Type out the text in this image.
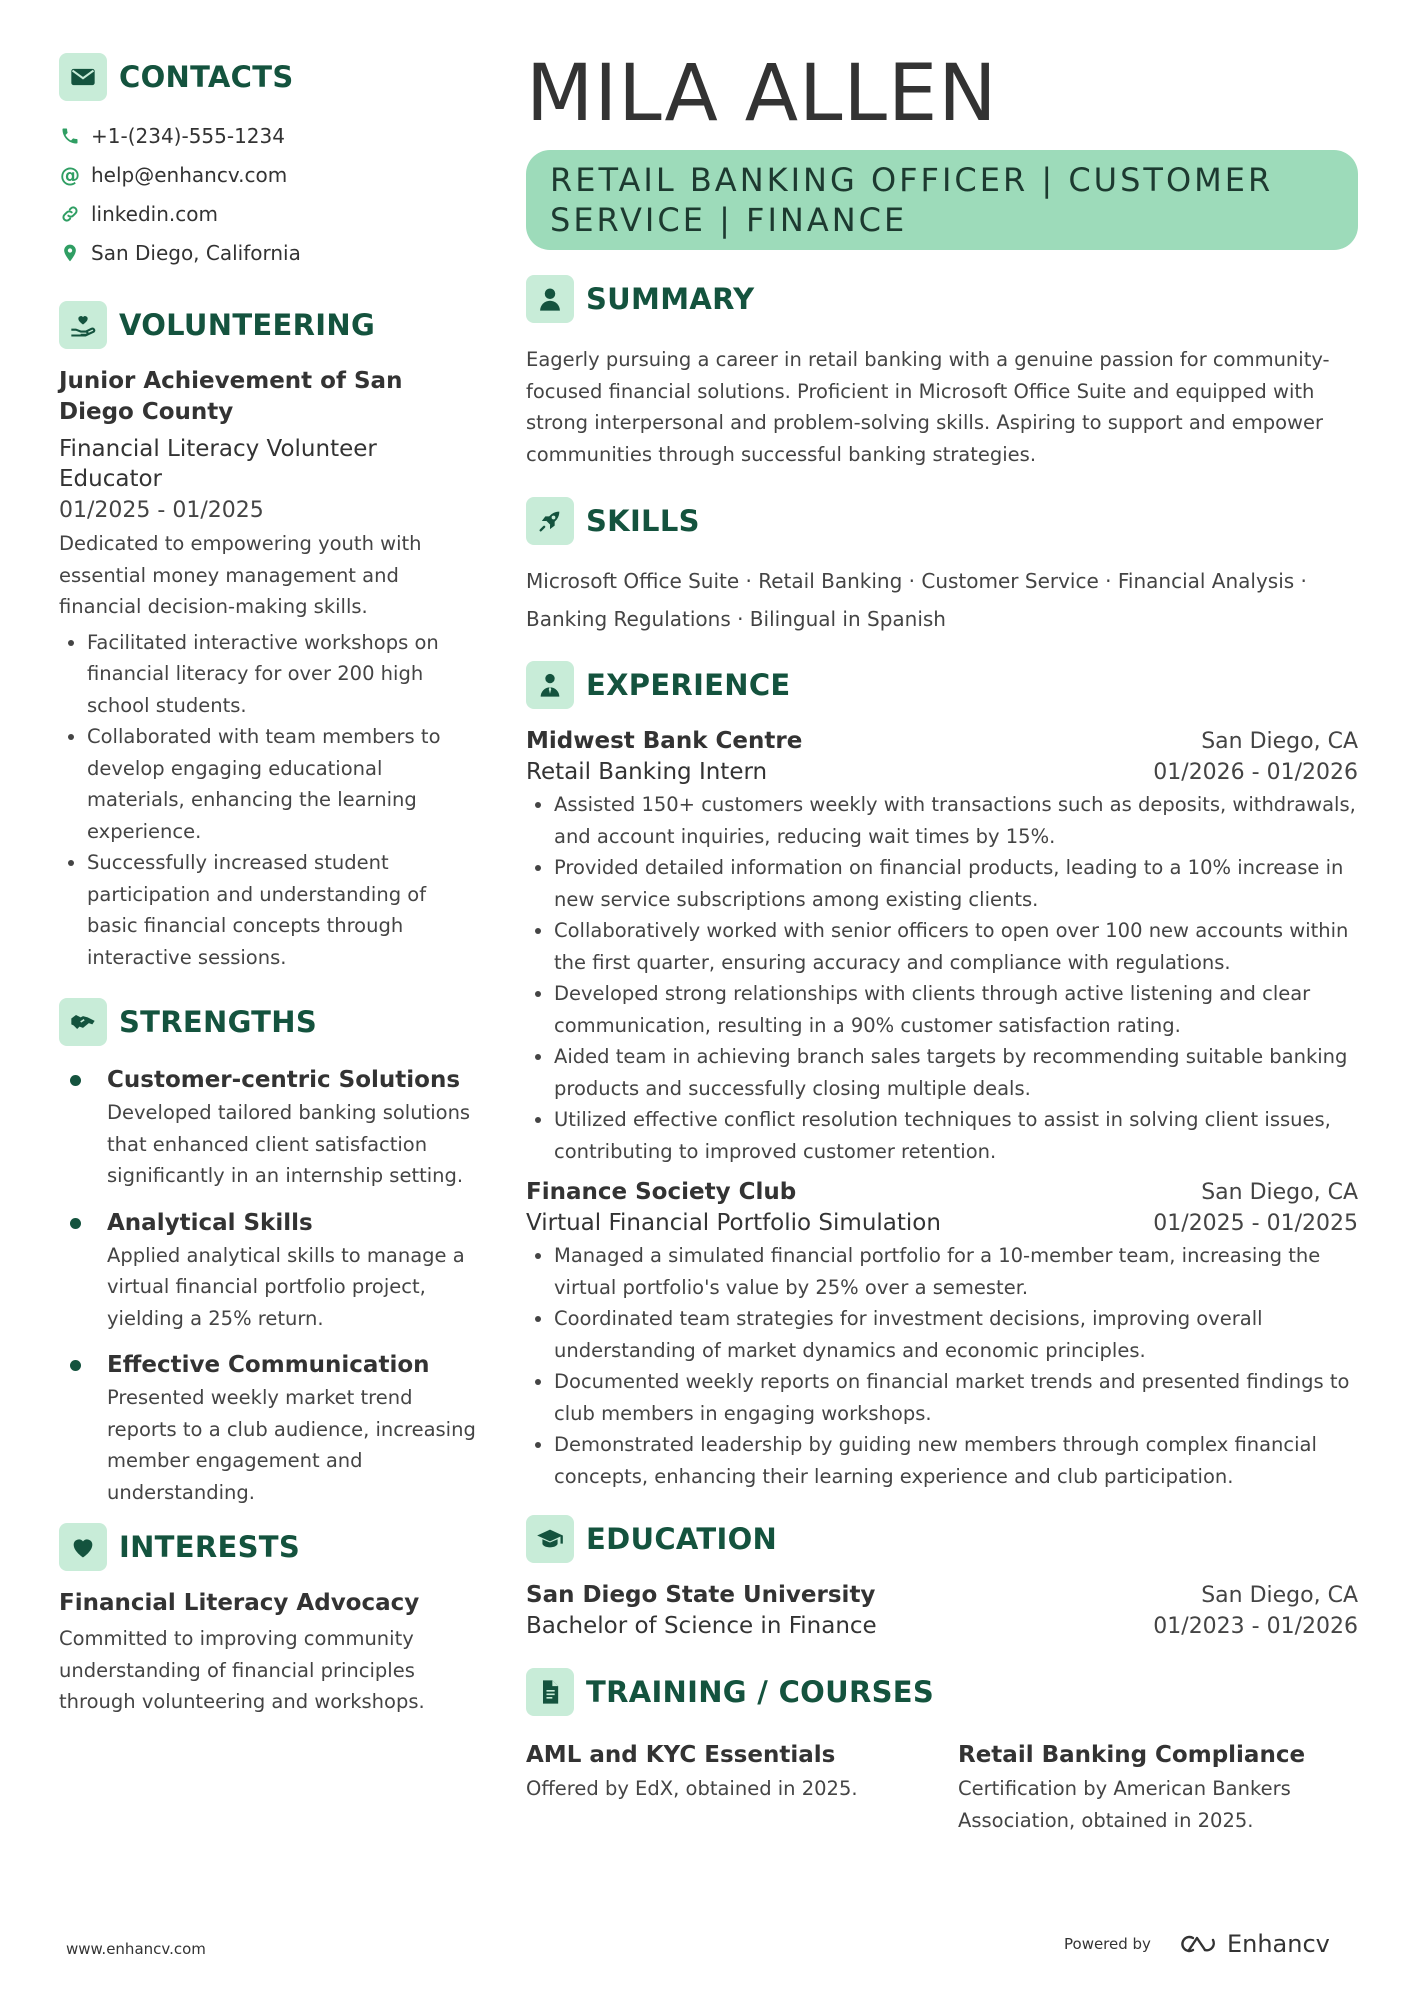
CONTACTS
+1-(234)-555-1234
@ help@enhancv.com
linkedin.com
San Diego, California
VOLUNTEERING
Junior Achievement of San Diego County
Financial Literacy Volunteer Educator
01/2025 - 01/2025
Dedicated to empowering youth with essential money management and financial decision-making skills.
• Facilitated interactive workshops on financial literacy for over 200 high school students.
• Collaborated with team members to develop engaging educational materials, enhancing the learning experience.
• Successfully increased student participation and understanding of basic financial concepts through interactive sessions.
STRENGTHS
Customer-centric Solutions
Developed tailored banking solutions that enhanced client satisfaction significantly in an internship setting.
Analytical Skills
Applied analytical skills to manage a virtual financial portfolio project, yielding a 25% return.
Effective Communication
Presented weekly market trend reports to a club audience, increasing member engagement and understanding.
INTERESTS
Financial Literacy Advocacy
Committed to improving community understanding of financial principles through volunteering and workshops.
MILA ALLEN
RETAIL BANKING OFFICER | CUSTOMER SERVICE | FINANCE
SUMMARY
Eagerly pursuing a career in retail banking with a genuine passion for community-focused financial solutions. Proficient in Microsoft Office Suite and equipped with strong interpersonal and problem-solving skills. Aspiring to support and empower communities through successful banking strategies.
SKILLS
Microsoft Office Suite · Retail Banking · Customer Service · Financial Analysis · Banking Regulations · Bilingual in Spanish
EXPERIENCE
Midwest Bank Centre	San Diego, CA
Retail Banking Intern	01/2026 - 01/2026
• Assisted 150+ customers weekly with transactions such as deposits, withdrawals, and account inquiries, reducing wait times by 15%.
• Provided detailed information on financial products, leading to a 10% increase in new service subscriptions among existing clients.
• Collaboratively worked with senior officers to open over 100 new accounts within the first quarter, ensuring accuracy and compliance with regulations.
• Developed strong relationships with clients through active listening and clear communication, resulting in a 90% customer satisfaction rating.
• Aided team in achieving branch sales targets by recommending suitable banking products and successfully closing multiple deals.
• Utilized effective conflict resolution techniques to assist in solving client issues, contributing to improved customer retention.
Finance Society Club	San Diego, CA
Virtual Financial Portfolio Simulation	01/2025 - 01/2025
• Managed a simulated financial portfolio for a 10-member team, increasing the virtual portfolio's value by 25% over a semester.
• Coordinated team strategies for investment decisions, improving overall understanding of market dynamics and economic principles.
• Documented weekly reports on financial market trends and presented findings to club members in engaging workshops.
• Demonstrated leadership by guiding new members through complex financial concepts, enhancing their learning experience and club participation.
EDUCATION
San Diego State University	San Diego, CA
Bachelor of Science in Finance	01/2023 - 01/2026
TRAINING / COURSES
AML and KYC Essentials
Offered by EdX, obtained in 2025.
Retail Banking Compliance
Certification by American Bankers Association, obtained in 2025.
www.enhancv.com	Powered by	Enhancv
